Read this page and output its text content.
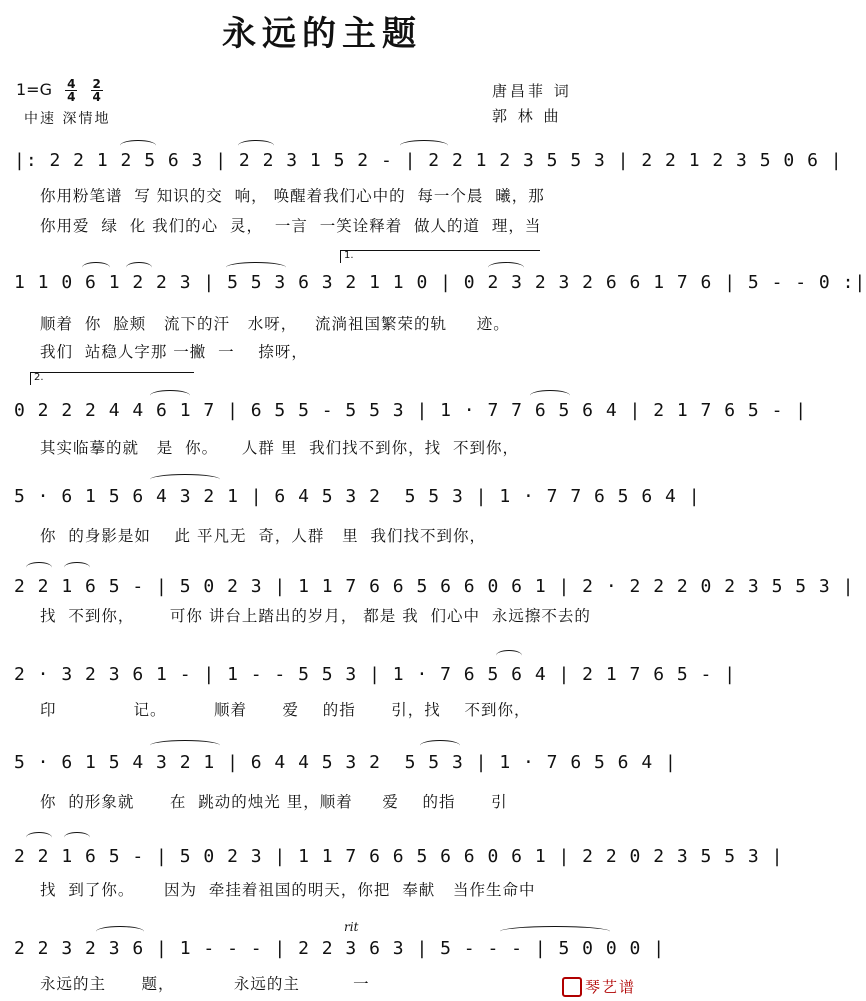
永远的主题
$1=G \frac{4}{4}$
$\frac{2}{4}$
中速 深情地
唐昌菲 词
郭 林 曲
|: 2 2 1 2 5 6 3 | 2 2 3 1 5 2 - | 2 2 1 2 3 5 5 3 | 2 2 1 2 3 5 0 6 |
你用粉笔谱  写 知识的交  响， 唤醒着我们心中的  每一个晨  曦，那
你用爱  绿  化 我们的心  灵，  一言  一笑诠释着  做人的道  理，当
1.
1 1 0 6 1 2 2 3 | 5 5 3 6 3 2 1 1 0 | 0 2 3 2 3 2 6 6 1 7 6 | 5 - - 0 :|
顺着  你  脸颊   流下的汗   水呀，   流淌祖国繁荣的轨     迹。
我们  站稳人字那 一撇  一    捺呀，
2.
0 2 2 2 4 4 6 1 7 | 6 5 5 - 5 5 3 | 1 · 7 7 6 5 6 4 | 2 1 7 6 5 - |
其实临摹的就   是  你。    人群 里  我们找不到你，找  不到你，
5 · 6 1 5 6 4 3 2 1 | 6 4 5 3 2  5 5 3 | 1 · 7 7 6 5 6 4 |
你  的身影是如    此 平凡无  奇，人群   里  我们找不到你，
2 2 1 6 5 - | 5 0 2 3 | 1 1 7 6 6 5 6 6 0 6 1 | 2 · 2 2 2 0 2 3 5 5 3 |
找  不到你，      可你 讲台上踏出的岁月， 都是 我  们心中  永远擦不去的
2 · 3 2 3 6 1 - | 1 - - 5 5 3 | 1 · 7 6 5 6 4 | 2 1 7 6 5 - |
印             记。        顺着      爱    的指      引，找    不到你，
5 · 6 1 5 4 3 2 1 | 6 4 4 5 3 2  5 5 3 | 1 · 7 6 5 6 4 |
你  的形象就      在  跳动的烛光 里，顺着     爱    的指      引
2 2 1 6 5 - | 5 0 2 3 | 1 1 7 6 6 5 6 6 0 6 1 | 2 2 0 2 3 5 5 3 |
找  到了你。     因为  牵挂着祖国的明天，你把  奉献   当作生命中
rit
2 2 3 2 3 6 | 1 - - - | 2 2 3 6 3 | 5 - - - | 5 0 0 0 |
永远的主      题，          永远的主         一	琴艺谱
